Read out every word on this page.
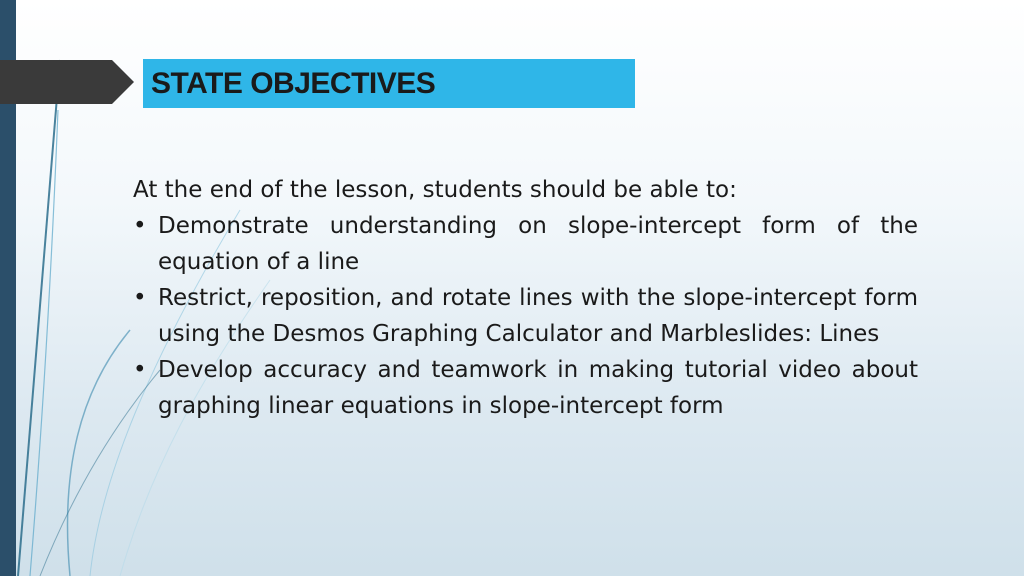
STATE OBJECTIVES

At the end of the lesson, students should be able to:

• Demonstrate understanding on slope-intercept form of the equation of a line
• Restrict, reposition, and rotate lines with the slope-intercept form using the Desmos Graphing Calculator and Marbleslides: Lines
• Develop accuracy and teamwork in making tutorial video about graphing linear equations in slope-intercept form
